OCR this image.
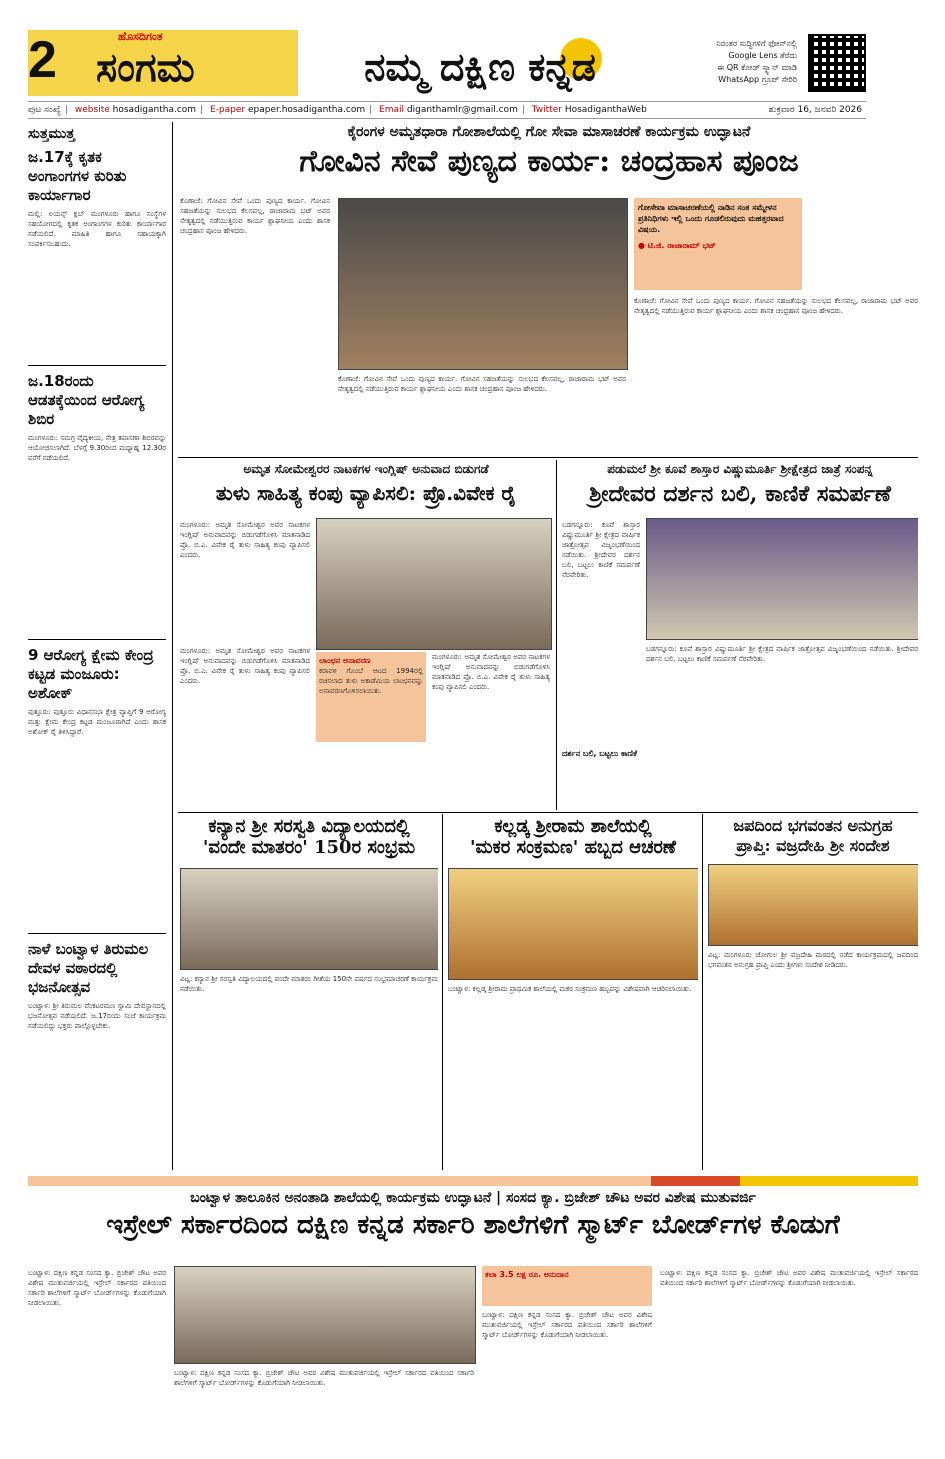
2	ಹೊಸದಿಗಂತ
ಸಂಗಮ	ನಮ್ಮ ದಕ್ಷಿಣ ಕನ್ನಡ
ನಿರಂತರ ಸುದ್ದಿಗಳಿಗೆ ಫೋನ್‌ನಲ್ಲಿ
Google Lens ತೆರೆದು
ಈ QR ಕೋಡ್ ಸ್ಕ್ಯಾನ್ ಮಾಡಿ
WhatsApp ಗ್ರೂಪ್ ಸೇರಿರಿ
ಪುಟ ಸಂಖ್ಯೆ | website hosadigantha.com | E-paper epaper.hosadigantha.com | Email diganthamlr@gmail.com | Twitter HosadiganthaWeb	ಶುಕ್ರವಾರ 16, ಜನವರಿ 2026
ಸುತ್ತಮುತ್ತ
ಜ.17ಕ್ಕೆ ಕೃತಕ ಅಂಗಾಂಗಗಳ ಕುರಿತು ಕಾರ್ಯಾಗಾರ
ಮಲ್ಲಿ: ಲಯನ್ಸ್ ಕ್ಲಬ್ ಮಂಗಳೂರು ಹಾಗೂ ಸಂಸ್ಥೆಗಳ ಸಹಯೋಗದಲ್ಲಿ ಕೃತಕ ಅಂಗಾಂಗಗಳ ಕುರಿತು ಕಾರ್ಯಾಗಾರ ನಡೆಯಲಿದೆ. ಮಾಹಿತಿ ಹಾಗೂ ಸಹಾಯಕ್ಕಾಗಿ ಸಂಪರ್ಕಿಸಬಹುದು.
ಜ.18ರಂದು ಆಡತಕ್ಕೆಯಿಂದ ಆರೋಗ್ಯ ಶಿಬಿರ
ಮಂಗಳೂರು: ಸಮಗ್ರ ವೈದ್ಯಕೀಯ, ನೇತ್ರ ತಪಾಸಣಾ ಶಿಬಿರವನ್ನು ಆಯೋಜಿಸಲಾಗಿದೆ. ಬೆಳಗ್ಗೆ 9.30ರಿಂದ ಮಧ್ಯಾಹ್ನ 12.30ರ ವರೆಗೆ ನಡೆಯಲಿದೆ.
9 ಆರೋಗ್ಯ ಕ್ಷೇಮ ಕೇಂದ್ರ ಕಟ್ಟಡ ಮಂಜೂರು: ಅಶೋಕ್
ಪುತ್ತೂರು: ಪುತ್ತೂರು ವಿಧಾನಸಭಾ ಕ್ಷೇತ್ರ ವ್ಯಾಪ್ತಿಗೆ 9 ಆರೋಗ್ಯ ಮತ್ತು ಕ್ಷೇಮ ಕೇಂದ್ರ ಕಟ್ಟಡ ಮಂಜೂರಾಗಿದೆ ಎಂದು ಶಾಸಕ ಅಶೋಕ್ ರೈ ತಿಳಿಸಿದ್ದಾರೆ.
ನಾಳೆ ಬಂಟ್ವಾಳ ತಿರುಮಲ ದೇವಳ ವಠಾರದಲ್ಲಿ ಭಜನೋತ್ಸವ
ಬಂಟ್ವಾಳ: ಶ್ರೀ ತಿರುಮಲ ವೆಂಕಟರಮಣ ಸ್ವಾಮಿ ದೇವಸ್ಥಾನದಲ್ಲಿ ಭಜನೋತ್ಸವ ನಡೆಯಲಿದೆ. ಜ.17ರಂದು ಸಂಜೆ ಕಾರ್ಯಕ್ರಮ ನಡೆಯಲಿದ್ದು ಭಕ್ತರು ಪಾಲ್ಗೊಳ್ಳಬೇಕು.
ಕೈರಂಗಳ ಅಮೃತಧಾರಾ ಗೋಶಾಲೆಯಲ್ಲಿ ಗೋ ಸೇವಾ ಮಾಸಾಚರಣೆ ಕಾರ್ಯಕ್ರಮ ಉದ್ಘಾಟನೆ
ಗೋವಿನ ಸೇವೆ ಪುಣ್ಯದ ಕಾರ್ಯ: ಚಂದ್ರಹಾಸ ಪೂಂಜ
ಕೊಣಾಜೆ: ಗೋವಿನ ಸೇವೆ ಒಂದು ಪುಣ್ಯದ ಕಾರ್ಯ. ಗೋವಿನ ಸಹಜತೆಯನ್ನು ಸುಲಭದ ಕೆಲಸವಲ್ಲ, ರಾಜಾರಾಮ ಭಟ್ ಅವರ ನೇತೃತ್ವದಲ್ಲಿ ನಡೆಯುತ್ತಿರುವ ಕಾರ್ಯ ಶ್ಲಾಘನೀಯ ಎಂದು ಶಾಸಕ ಚಂದ್ರಹಾಸ ಪೂಂಜ ಹೇಳಿದರು.
ಗೋಸೇವಾ ಮಾಸಾಚರಣೆಯಲ್ಲಿ ನಾಡಿನ ಸಂತ ಸಮ್ಮೇಳನ ಪ್ರತಿನಿಧಿಗಳು ಇಲ್ಲಿ ಒಂದು ಗೂಡಲಿರುವುದು ಮಹತ್ತರವಾದ ವಿಷಯ.
● ಟಿ.ಜಿ. ರಾಜಾರಾಮ್ ಭಟ್
ಕೊಣಾಜೆ: ಗೋವಿನ ಸೇವೆ ಒಂದು ಪುಣ್ಯದ ಕಾರ್ಯ. ಗೋವಿನ ಸಹಜತೆಯನ್ನು ಸುಲಭದ ಕೆಲಸವಲ್ಲ, ರಾಜಾರಾಮ ಭಟ್ ಅವರ ನೇತೃತ್ವದಲ್ಲಿ ನಡೆಯುತ್ತಿರುವ ಕಾರ್ಯ ಶ್ಲಾಘನೀಯ ಎಂದು ಶಾಸಕ ಚಂದ್ರಹಾಸ ಪೂಂಜ ಹೇಳಿದರು.
ಕೊಣಾಜೆ: ಗೋವಿನ ಸೇವೆ ಒಂದು ಪುಣ್ಯದ ಕಾರ್ಯ. ಗೋವಿನ ಸಹಜತೆಯನ್ನು ಸುಲಭದ ಕೆಲಸವಲ್ಲ, ರಾಜಾರಾಮ ಭಟ್ ಅವರ ನೇತೃತ್ವದಲ್ಲಿ ನಡೆಯುತ್ತಿರುವ ಕಾರ್ಯ ಶ್ಲಾಘನೀಯ ಎಂದು ಶಾಸಕ ಚಂದ್ರಹಾಸ ಪೂಂಜ ಹೇಳಿದರು.
ಅಮೃತ ಸೋಮೇಶ್ವರರ ನಾಟಕಗಳ ಇಂಗ್ಲಿಷ್ ಅನುವಾದ ಬಿಡುಗಡೆ
ತುಳು ಸಾಹಿತ್ಯ ಕಂಪು ವ್ಯಾಪಿಸಲಿ: ಪ್ರೊ.ವಿವೇಕ ರೈ
ಮಂಗಳೂರು: ಅಮೃತ ಸೋಮೇಶ್ವರ ಅವರ ನಾಟಕಗಳ ಇಂಗ್ಲಿಷ್ ಅನುವಾದವನ್ನು ಬಿಡುಗಡೆಗೊಳಿಸಿ ಮಾತನಾಡಿದ ಪ್ರೊ. ಬಿ.ಎ. ವಿವೇಕ ರೈ ತುಳು ಸಾಹಿತ್ಯ ಕಂಪು ವ್ಯಾಪಿಸಲಿ ಎಂದರು.
ಲಾಂಛನ ಅನಾವರಣ
ಕರಾವಳಿ ಗೊಂಬೆ ಆಟದ 1994ರಲ್ಲಿ ರಚಿಸಲಾದ ತುಳು ಅಕಾಡೆಮಿಯ ಲಾಂಛನವನ್ನು ಅನಾವರಣಗೊಳಿಸಲಾಯಿತು.
ಮಂಗಳೂರು: ಅಮೃತ ಸೋಮೇಶ್ವರ ಅವರ ನಾಟಕಗಳ ಇಂಗ್ಲಿಷ್ ಅನುವಾದವನ್ನು ಬಿಡುಗಡೆಗೊಳಿಸಿ ಮಾತನಾಡಿದ ಪ್ರೊ. ಬಿ.ಎ. ವಿವೇಕ ರೈ ತುಳು ಸಾಹಿತ್ಯ ಕಂಪು ವ್ಯಾಪಿಸಲಿ ಎಂದರು.
ಮಂಗಳೂರು: ಅಮೃತ ಸೋಮೇಶ್ವರ ಅವರ ನಾಟಕಗಳ ಇಂಗ್ಲಿಷ್ ಅನುವಾದವನ್ನು ಬಿಡುಗಡೆಗೊಳಿಸಿ ಮಾತನಾಡಿದ ಪ್ರೊ. ಬಿ.ಎ. ವಿವೇಕ ರೈ ತುಳು ಸಾಹಿತ್ಯ ಕಂಪು ವ್ಯಾಪಿಸಲಿ ಎಂದರು.
ಪಡುಮಲೆ ಶ್ರೀ ಕೂವೆ ಶಾಸ್ತಾರ ವಿಷ್ಣುಮೂರ್ತಿ ಶ್ರೀಕ್ಷೇತ್ರದ ಜಾತ್ರೆ ಸಂಪನ್ನ
ಶ್ರೀದೇವರ ದರ್ಶನ ಬಲಿ, ಕಾಣಿಕೆ ಸಮರ್ಪಣೆ
ಬಡಗನ್ನೂರು: ಕೂವೆ ಶಾಸ್ತಾರ ವಿಷ್ಣುಮೂರ್ತಿ ಶ್ರೀ ಕ್ಷೇತ್ರದ ವಾರ್ಷಿಕ ಜಾತ್ರೋತ್ಸವ ವಿಜೃಂಭಣೆಯಿಂದ ನಡೆಯಿತು. ಶ್ರೀದೇವರ ದರ್ಶನ ಬಲಿ, ಬಟ್ಟಲು ಕಾಣಿಕೆ ಸಮರ್ಪಣೆ ನೆರವೇರಿತು.
ದರ್ಶನ ಬಲಿ, ಬಟ್ಟಲು ಕಾಣಿಕೆ
ಬಡಗನ್ನೂರು: ಕೂವೆ ಶಾಸ್ತಾರ ವಿಷ್ಣುಮೂರ್ತಿ ಶ್ರೀ ಕ್ಷೇತ್ರದ ವಾರ್ಷಿಕ ಜಾತ್ರೋತ್ಸವ ವಿಜೃಂಭಣೆಯಿಂದ ನಡೆಯಿತು. ಶ್ರೀದೇವರ ದರ್ಶನ ಬಲಿ, ಬಟ್ಟಲು ಕಾಣಿಕೆ ಸಮರ್ಪಣೆ ನೆರವೇರಿತು.
ಕನ್ಯಾನ ಶ್ರೀ ಸರಸ್ವತಿ ವಿದ್ಯಾಲಯದಲ್ಲಿ
'ವಂದೇ ಮಾತರಂ' 150ರ ಸಂಭ್ರಮ
ವಿಟ್ಲ: ಕನ್ಯಾನ ಶ್ರೀ ಸರಸ್ವತಿ ವಿದ್ಯಾಲಯದಲ್ಲಿ ವಂದೇ ಮಾತರಂ ಗೀತೆಯ 150ನೇ ವರ್ಷದ ಸಂಭ್ರಮಾಚರಣೆ ಕಾರ್ಯಕ್ರಮ ನಡೆಯಿತು.
ಕಲ್ಲಡ್ಕ ಶ್ರೀರಾಮ ಶಾಲೆಯಲ್ಲಿ
'ಮಕರ ಸಂಕ್ರಮಣ' ಹಬ್ಬದ ಆಚರಣೆ
ಬಂಟ್ವಾಳ: ಕಲ್ಲಡ್ಕ ಶ್ರೀರಾಮ ಪ್ರಾಥಮಿಕ ಶಾಲೆಯಲ್ಲಿ ಮಕರ ಸಂಕ್ರಮಣ ಹಬ್ಬವನ್ನು ವಿಶೇಷವಾಗಿ ಆಚರಿಸಲಾಯಿತು.
ಜಪದಿಂದ ಭಗವಂತನ ಅನುಗ್ರಹ
ಪ್ರಾಪ್ತಿ: ವಜ್ರದೇಹಿ ಶ್ರೀ ಸಂದೇಶ
ವಿಟ್ಲ: ಮಂಗಳೂರು ಜೋಗುಲ ಶ್ರೀ ವಜ್ರದೇಹಿ ಮಠದಲ್ಲಿ ನಡೆದ ಕಾರ್ಯಕ್ರಮದಲ್ಲಿ ಜಪದಿಂದ ಭಗವಂತನ ಅನುಗ್ರಹ ಪ್ರಾಪ್ತಿ ಎಂದು ಶ್ರೀಗಳು ಸಂದೇಶ ನೀಡಿದರು.
ಬಂಟ್ವಾಳ ತಾಲೂಕಿನ ಅನಂತಾಡಿ ಶಾಲೆಯಲ್ಲಿ ಕಾರ್ಯಕ್ರಮ ಉದ್ಘಾಟನೆ | ಸಂಸದ ಕ್ಯಾ. ಬ್ರಿಜೇಶ್ ಚೌಟ ಅವರ ವಿಶೇಷ ಮುತುವರ್ಜಿ
ಇಸ್ರೇಲ್ ಸರ್ಕಾರದಿಂದ ದಕ್ಷಿಣ ಕನ್ನಡ ಸರ್ಕಾರಿ ಶಾಲೆಗಳಿಗೆ ಸ್ಮಾರ್ಟ್ ಬೋರ್ಡ್‌ಗಳ ಕೊಡುಗೆ
ಬಂಟ್ವಾಳ: ದಕ್ಷಿಣ ಕನ್ನಡ ಸಂಸದ ಕ್ಯಾ. ಬ್ರಿಜೇಶ್ ಚೌಟ ಅವರ ವಿಶೇಷ ಮುತುವರ್ಜಿಯಲ್ಲಿ ಇಸ್ರೇಲ್ ಸರ್ಕಾರದ ವತಿಯಿಂದ ಸರ್ಕಾರಿ ಶಾಲೆಗಳಿಗೆ ಸ್ಮಾರ್ಟ್ ಬೋರ್ಡ್‌ಗಳನ್ನು ಕೊಡುಗೆಯಾಗಿ ನೀಡಲಾಯಿತು.
ಬಂಟ್ವಾಳ: ದಕ್ಷಿಣ ಕನ್ನಡ ಸಂಸದ ಕ್ಯಾ. ಬ್ರಿಜೇಶ್ ಚೌಟ ಅವರ ವಿಶೇಷ ಮುತುವರ್ಜಿಯಲ್ಲಿ ಇಸ್ರೇಲ್ ಸರ್ಕಾರದ ವತಿಯಿಂದ ಸರ್ಕಾರಿ ಶಾಲೆಗಳಿಗೆ ಸ್ಮಾರ್ಟ್ ಬೋರ್ಡ್‌ಗಳನ್ನು ಕೊಡುಗೆಯಾಗಿ ನೀಡಲಾಯಿತು.
ಕಲಾ 3.5 ಲಕ್ಷ ರೂ. ಅನುದಾನ
ಬಂಟ್ವಾಳ: ದಕ್ಷಿಣ ಕನ್ನಡ ಸಂಸದ ಕ್ಯಾ. ಬ್ರಿಜೇಶ್ ಚೌಟ ಅವರ ವಿಶೇಷ ಮುತುವರ್ಜಿಯಲ್ಲಿ ಇಸ್ರೇಲ್ ಸರ್ಕಾರದ ವತಿಯಿಂದ ಸರ್ಕಾರಿ ಶಾಲೆಗಳಿಗೆ ಸ್ಮಾರ್ಟ್ ಬೋರ್ಡ್‌ಗಳನ್ನು ಕೊಡುಗೆಯಾಗಿ ನೀಡಲಾಯಿತು.
ಬಂಟ್ವಾಳ: ದಕ್ಷಿಣ ಕನ್ನಡ ಸಂಸದ ಕ್ಯಾ. ಬ್ರಿಜೇಶ್ ಚೌಟ ಅವರ ವಿಶೇಷ ಮುತುವರ್ಜಿಯಲ್ಲಿ ಇಸ್ರೇಲ್ ಸರ್ಕಾರದ ವತಿಯಿಂದ ಸರ್ಕಾರಿ ಶಾಲೆಗಳಿಗೆ ಸ್ಮಾರ್ಟ್ ಬೋರ್ಡ್‌ಗಳನ್ನು ಕೊಡುಗೆಯಾಗಿ ನೀಡಲಾಯಿತು.
